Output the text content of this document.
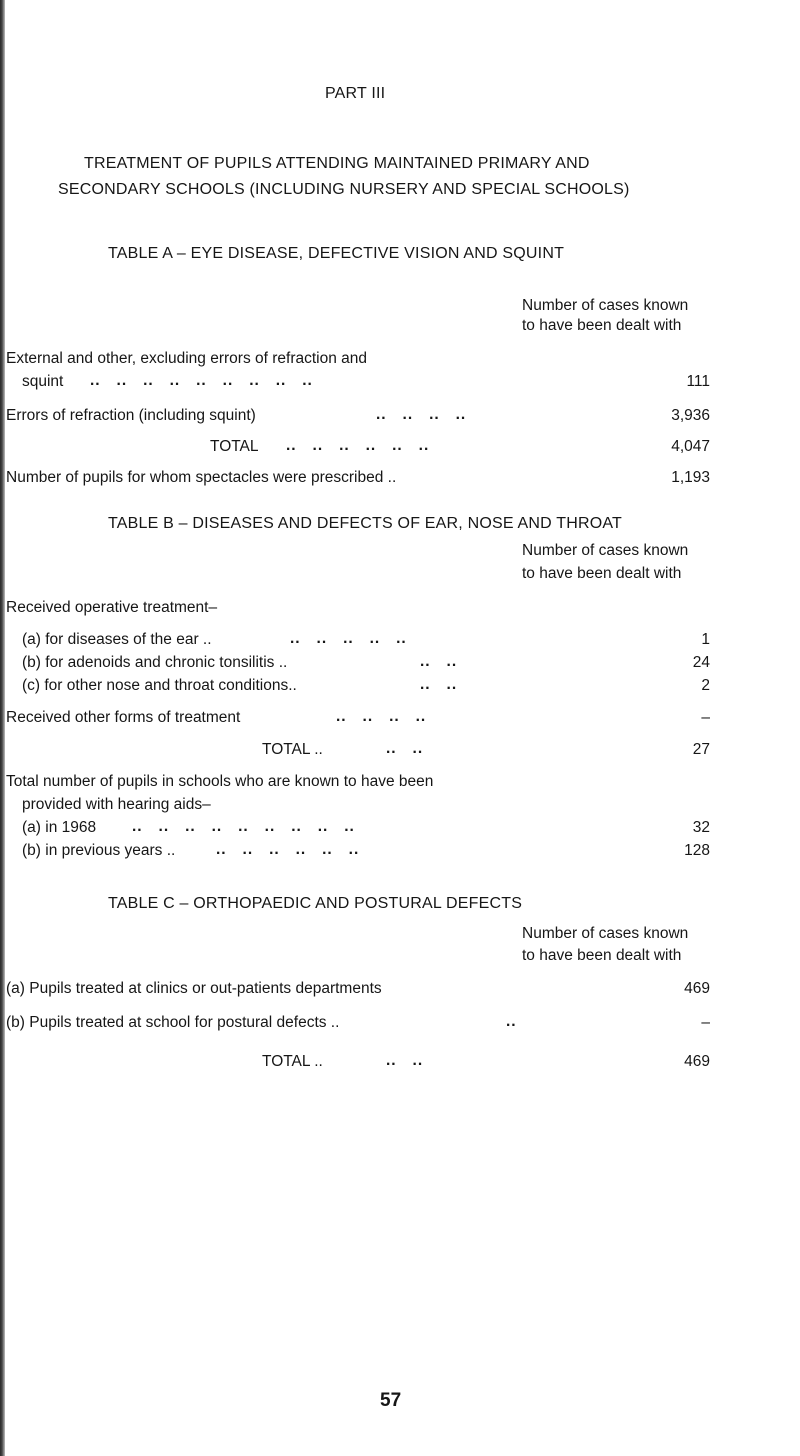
PART III
TREATMENT OF PUPILS ATTENDING MAINTAINED PRIMARY AND
SECONDARY SCHOOLS (INCLUDING NURSERY AND SPECIAL SCHOOLS)
TABLE A – EYE DISEASE, DEFECTIVE VISION AND SQUINT
Number of cases known
to have been dealt with
External and other, excluding errors of refraction and
squint ..   ..   ..   ..   ..   ..   ..   ..   ..	111
Errors of refraction (including squint)	..   ..   ..   ..	3,936
TOTAL ..   ..   ..   ..   ..   ..	4,047
Number of pupils for whom spectacles were prescribed ..	1,193
TABLE B – DISEASES AND DEFECTS OF EAR, NOSE AND THROAT
Number of cases known
to have been dealt with
Received operative treatment–
(a) for diseases of the ear ..	..   ..   ..   ..   ..	1
(b) for adenoids and chronic tonsilitis ..	..   ..	24
(c) for other nose and throat conditions..	..   ..	2
Received other forms of treatment	..   ..   ..   ..	–
TOTAL ..	..   ..	27
Total number of pupils in schools who are known to have been
provided with hearing aids–
(a) in 1968 ..   ..   ..   ..   ..   ..   ..   ..   ..	32
(b) in previous years ..	..   ..   ..   ..   ..   ..	128
TABLE C – ORTHOPAEDIC AND POSTURAL DEFECTS
Number of cases known
to have been dealt with
(a) Pupils treated at clinics or out-patients departments	469
(b) Pupils treated at school for postural defects ..	..	–
TOTAL ..	..   ..	469
57
